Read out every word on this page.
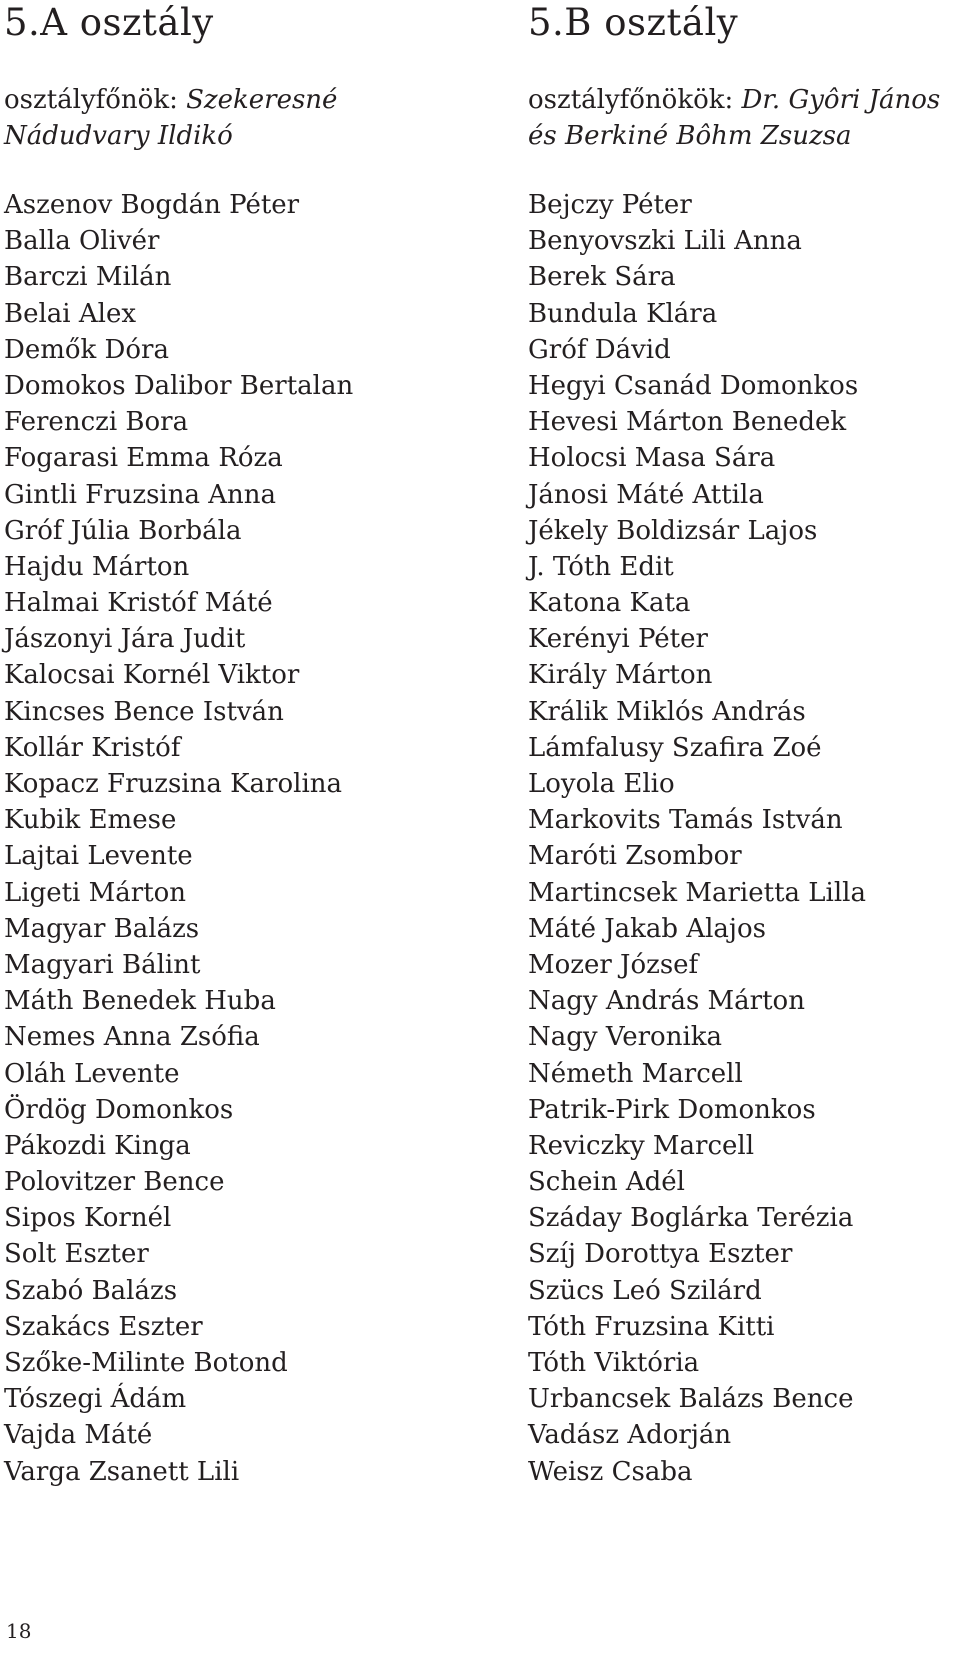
5.A osztály
osztályfőnök: Szekeresné
Nádudvary Ildikó
Aszenov Bogdán Péter
Balla Olivér
Barczi Milán
Belai Alex
Demők Dóra
Domokos Dalibor Bertalan
Ferenczi Bora
Fogarasi Emma Róza
Gintli Fruzsina Anna
Gróf Júlia Borbála
Hajdu Márton
Halmai Kristóf Máté
Jászonyi Jára Judit
Kalocsai Kornél Viktor
Kincses Bence István
Kollár Kristóf
Kopacz Fruzsina Karolina
Kubik Emese
Lajtai Levente
Ligeti Márton
Magyar Balázs
Magyari Bálint
Máth Benedek Huba
Nemes Anna Zsófia
Oláh Levente
Ördög Domonkos
Pákozdi Kinga
Polovitzer Bence
Sipos Kornél
Solt Eszter
Szabó Balázs
Szakács Eszter
Szőke-Milinte Botond
Tószegi Ádám
Vajda Máté
Varga Zsanett Lili
5.B osztály
osztályfőnökök: Dr. Gyôri János
és Berkiné Bôhm Zsuzsa
Bejczy Péter
Benyovszki Lili Anna
Berek Sára
Bundula Klára
Gróf Dávid
Hegyi Csanád Domonkos
Hevesi Márton Benedek
Holocsi Masa Sára
Jánosi Máté Attila
Jékely Boldizsár Lajos
J. Tóth Edit
Katona Kata
Kerényi Péter
Király Márton
Králik Miklós András
Lámfalusy Szafira Zoé
Loyola Elio
Markovits Tamás István
Maróti Zsombor
Martincsek Marietta Lilla
Máté Jakab Alajos
Mozer József
Nagy András Márton
Nagy Veronika
Németh Marcell
Patrik-Pirk Domonkos
Reviczky Marcell
Schein Adél
Száday Boglárka Terézia
Szíj Dorottya Eszter
Szücs Leó Szilárd
Tóth Fruzsina Kitti
Tóth Viktória
Urbancsek Balázs Bence
Vadász Adorján
Weisz Csaba
18
